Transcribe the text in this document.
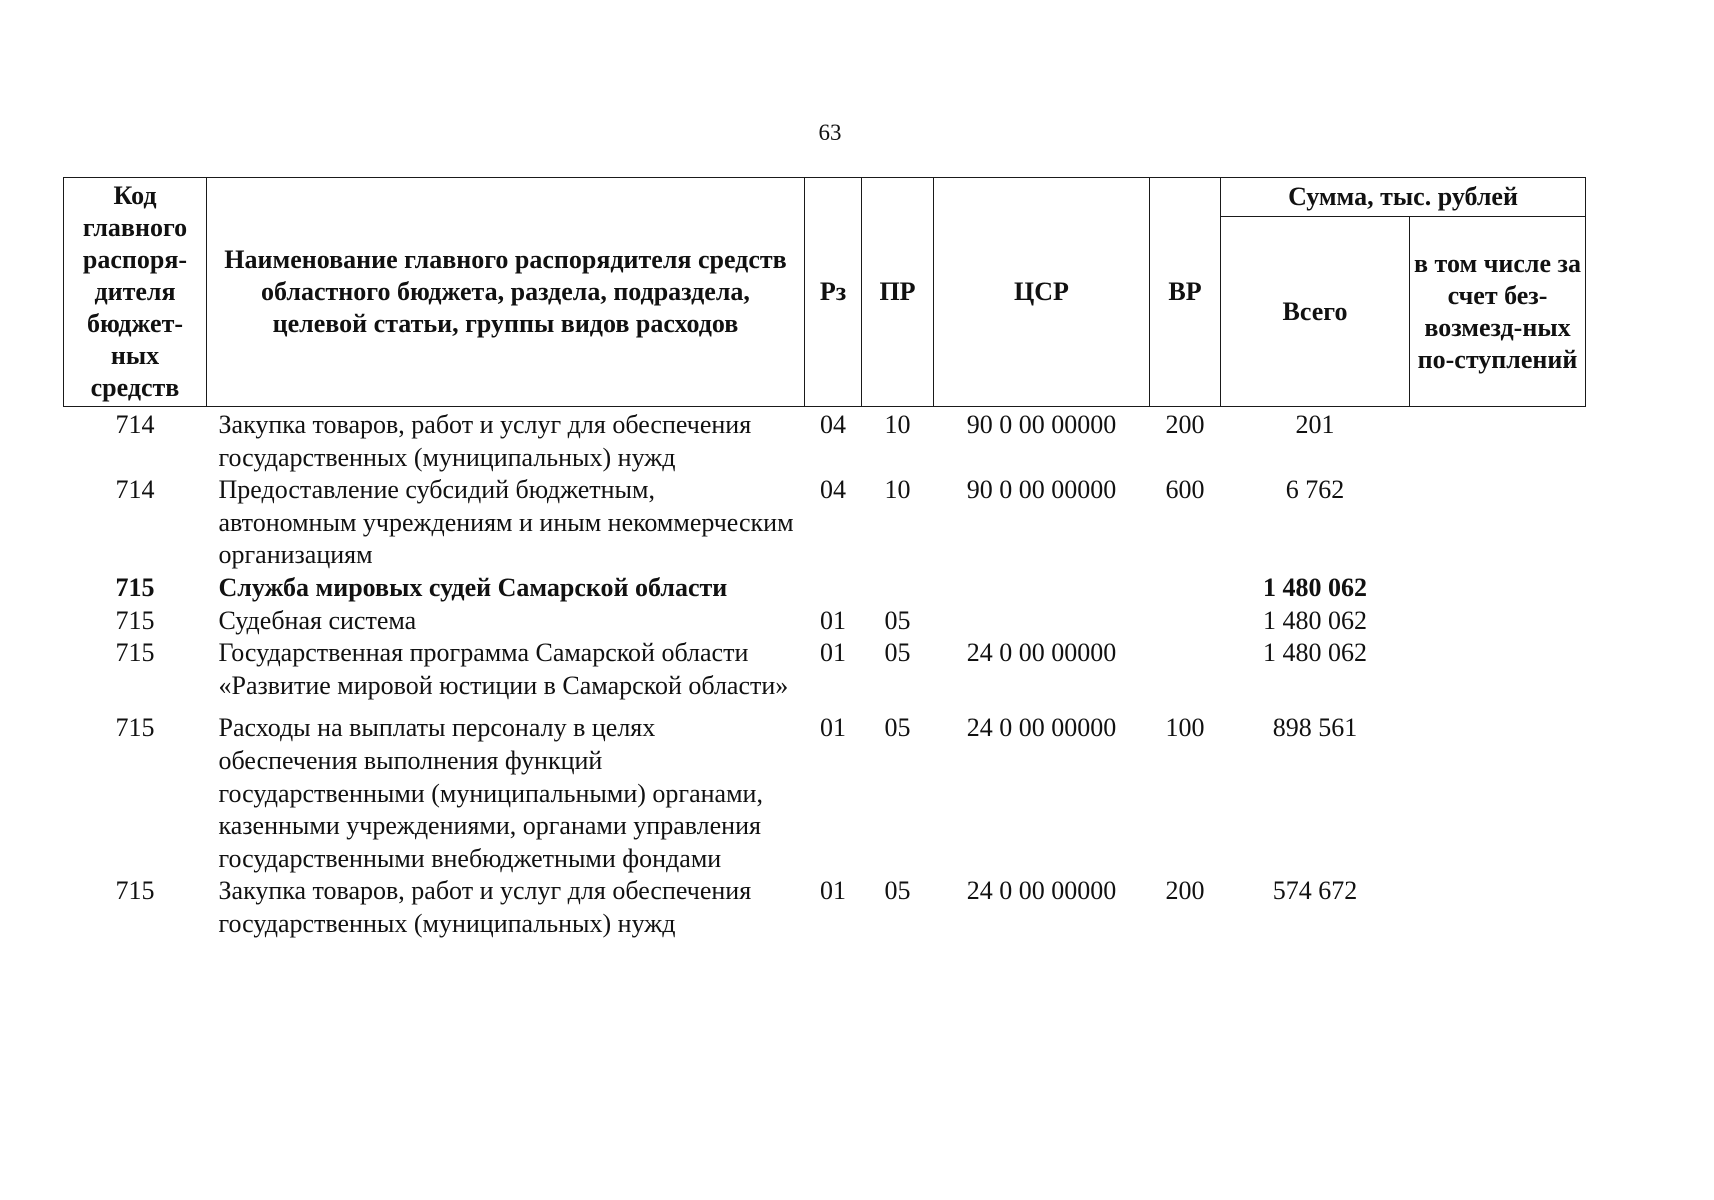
63
Код главного распоря-дителя бюджет-ных средств	Наименование главного распорядителя средств областного бюджета, раздела, подраздела, целевой статьи, группы видов расходов	Рз	ПР	ЦСР	ВР	Сумма, тыс. рублей	
						Всего	в том числе за счет без-возмезд-ных по-ступлений
714	Закупка товаров, работ и услуг для обеспечения государственных (муниципальных) нужд	04	10	90 0 00 00000	200	201	
714	Предоставление субсидий бюджетным, автономным учреждениям и иным некоммерческим организациям	04	10	90 0 00 00000	600	6 762	
715	Служба мировых судей Самарской области					1 480 062	
715	Судебная система	01	05			1 480 062	
715	Государственная программа Самарской области «Развитие мировой юстиции в Самарской области»	01	05	24 0 00 00000		1 480 062	
715	Расходы на выплаты персоналу в целях обеспечения выполнения функций государственными (муниципальными) органами, казенными учреждениями, органами управления государственными внебюджетными фондами	01	05	24 0 00 00000	100	898 561	
715	Закупка товаров, работ и услуг для обеспечения государственных (муниципальных) нужд	01	05	24 0 00 00000	200	574 672	
